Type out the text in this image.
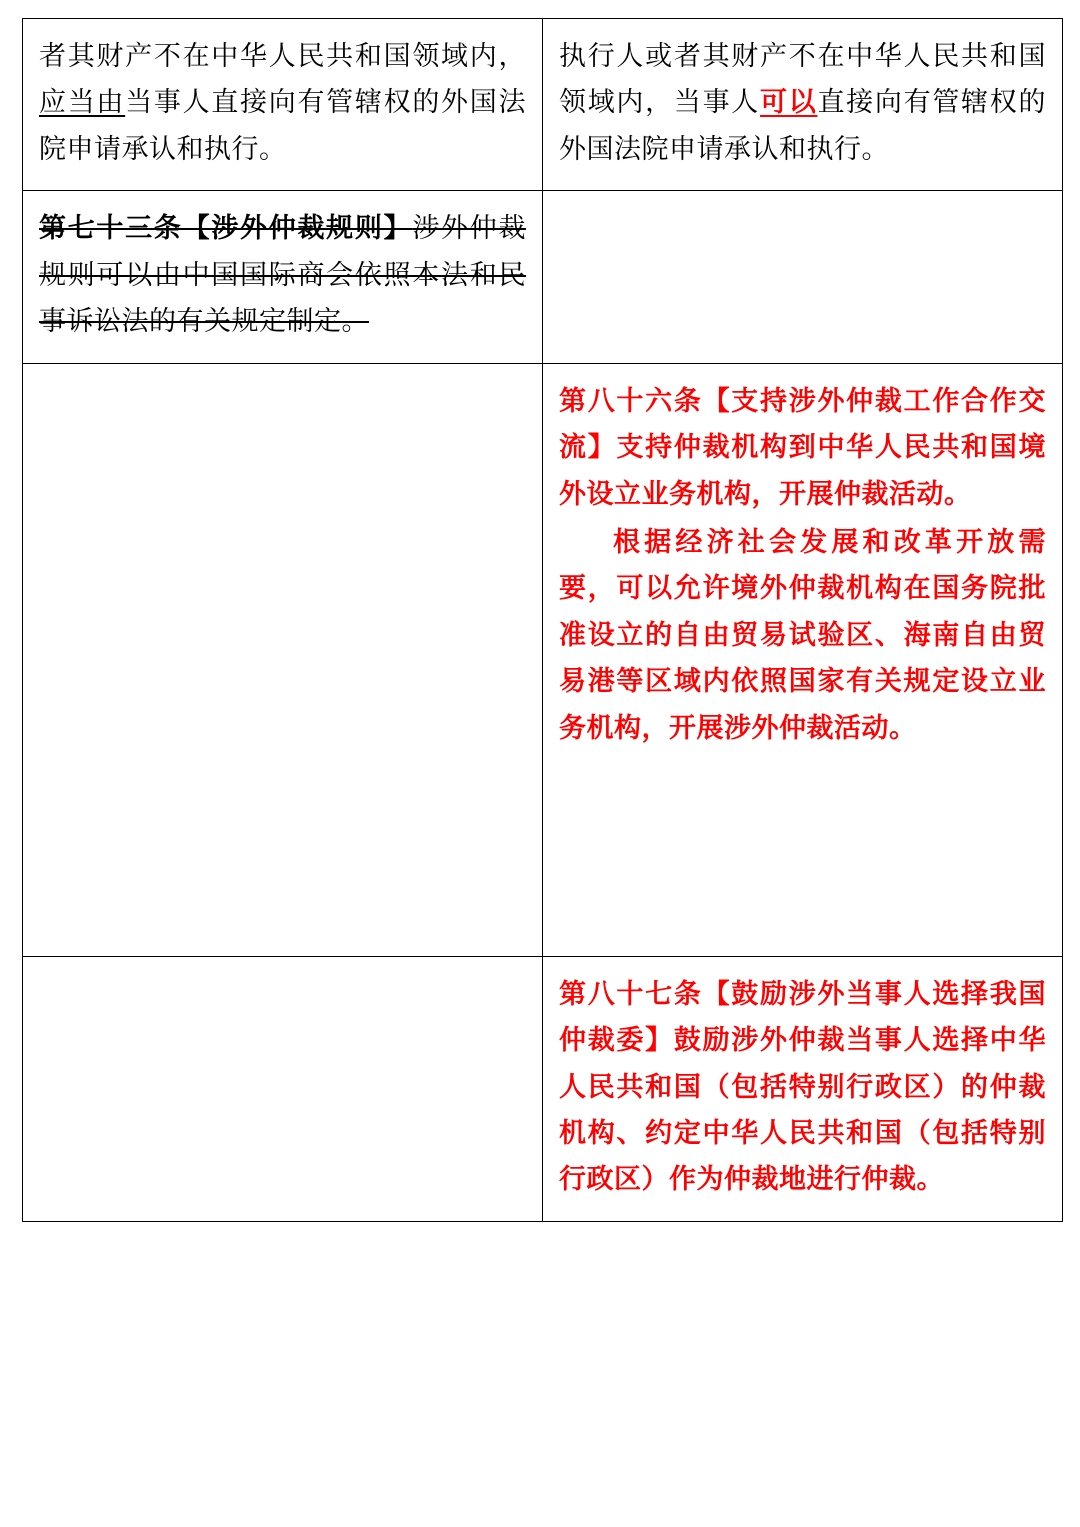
者其财产不在中华人民共和国领域内，应当由当事人直接向有管辖权的外国法院申请承认和执行。	执行人或者其财产不在中华人民共和国领域内，当事人可以直接向有管辖权的外国法院申请承认和执行。

第七十三条【涉外仲裁规则】涉外仲裁规则可以由中国国际商会依照本法和民事诉讼法的有关规定制定。	

	第八十六条【支持涉外仲裁工作合作交流】支持仲裁机构到中华人民共和国境外设立业务机构，开展仲裁活动。

根据经济社会发展和改革开放需要，可以允许境外仲裁机构在国务院批准设立的自由贸易试验区、海南自由贸易港等区域内依照国家有关规定设立业务机构，开展涉外仲裁活动。

	第八十七条【鼓励涉外当事人选择我国仲裁委】鼓励涉外仲裁当事人选择中华人民共和国（包括特别行政区）的仲裁机构、约定中华人民共和国（包括特别行政区）作为仲裁地进行仲裁。
